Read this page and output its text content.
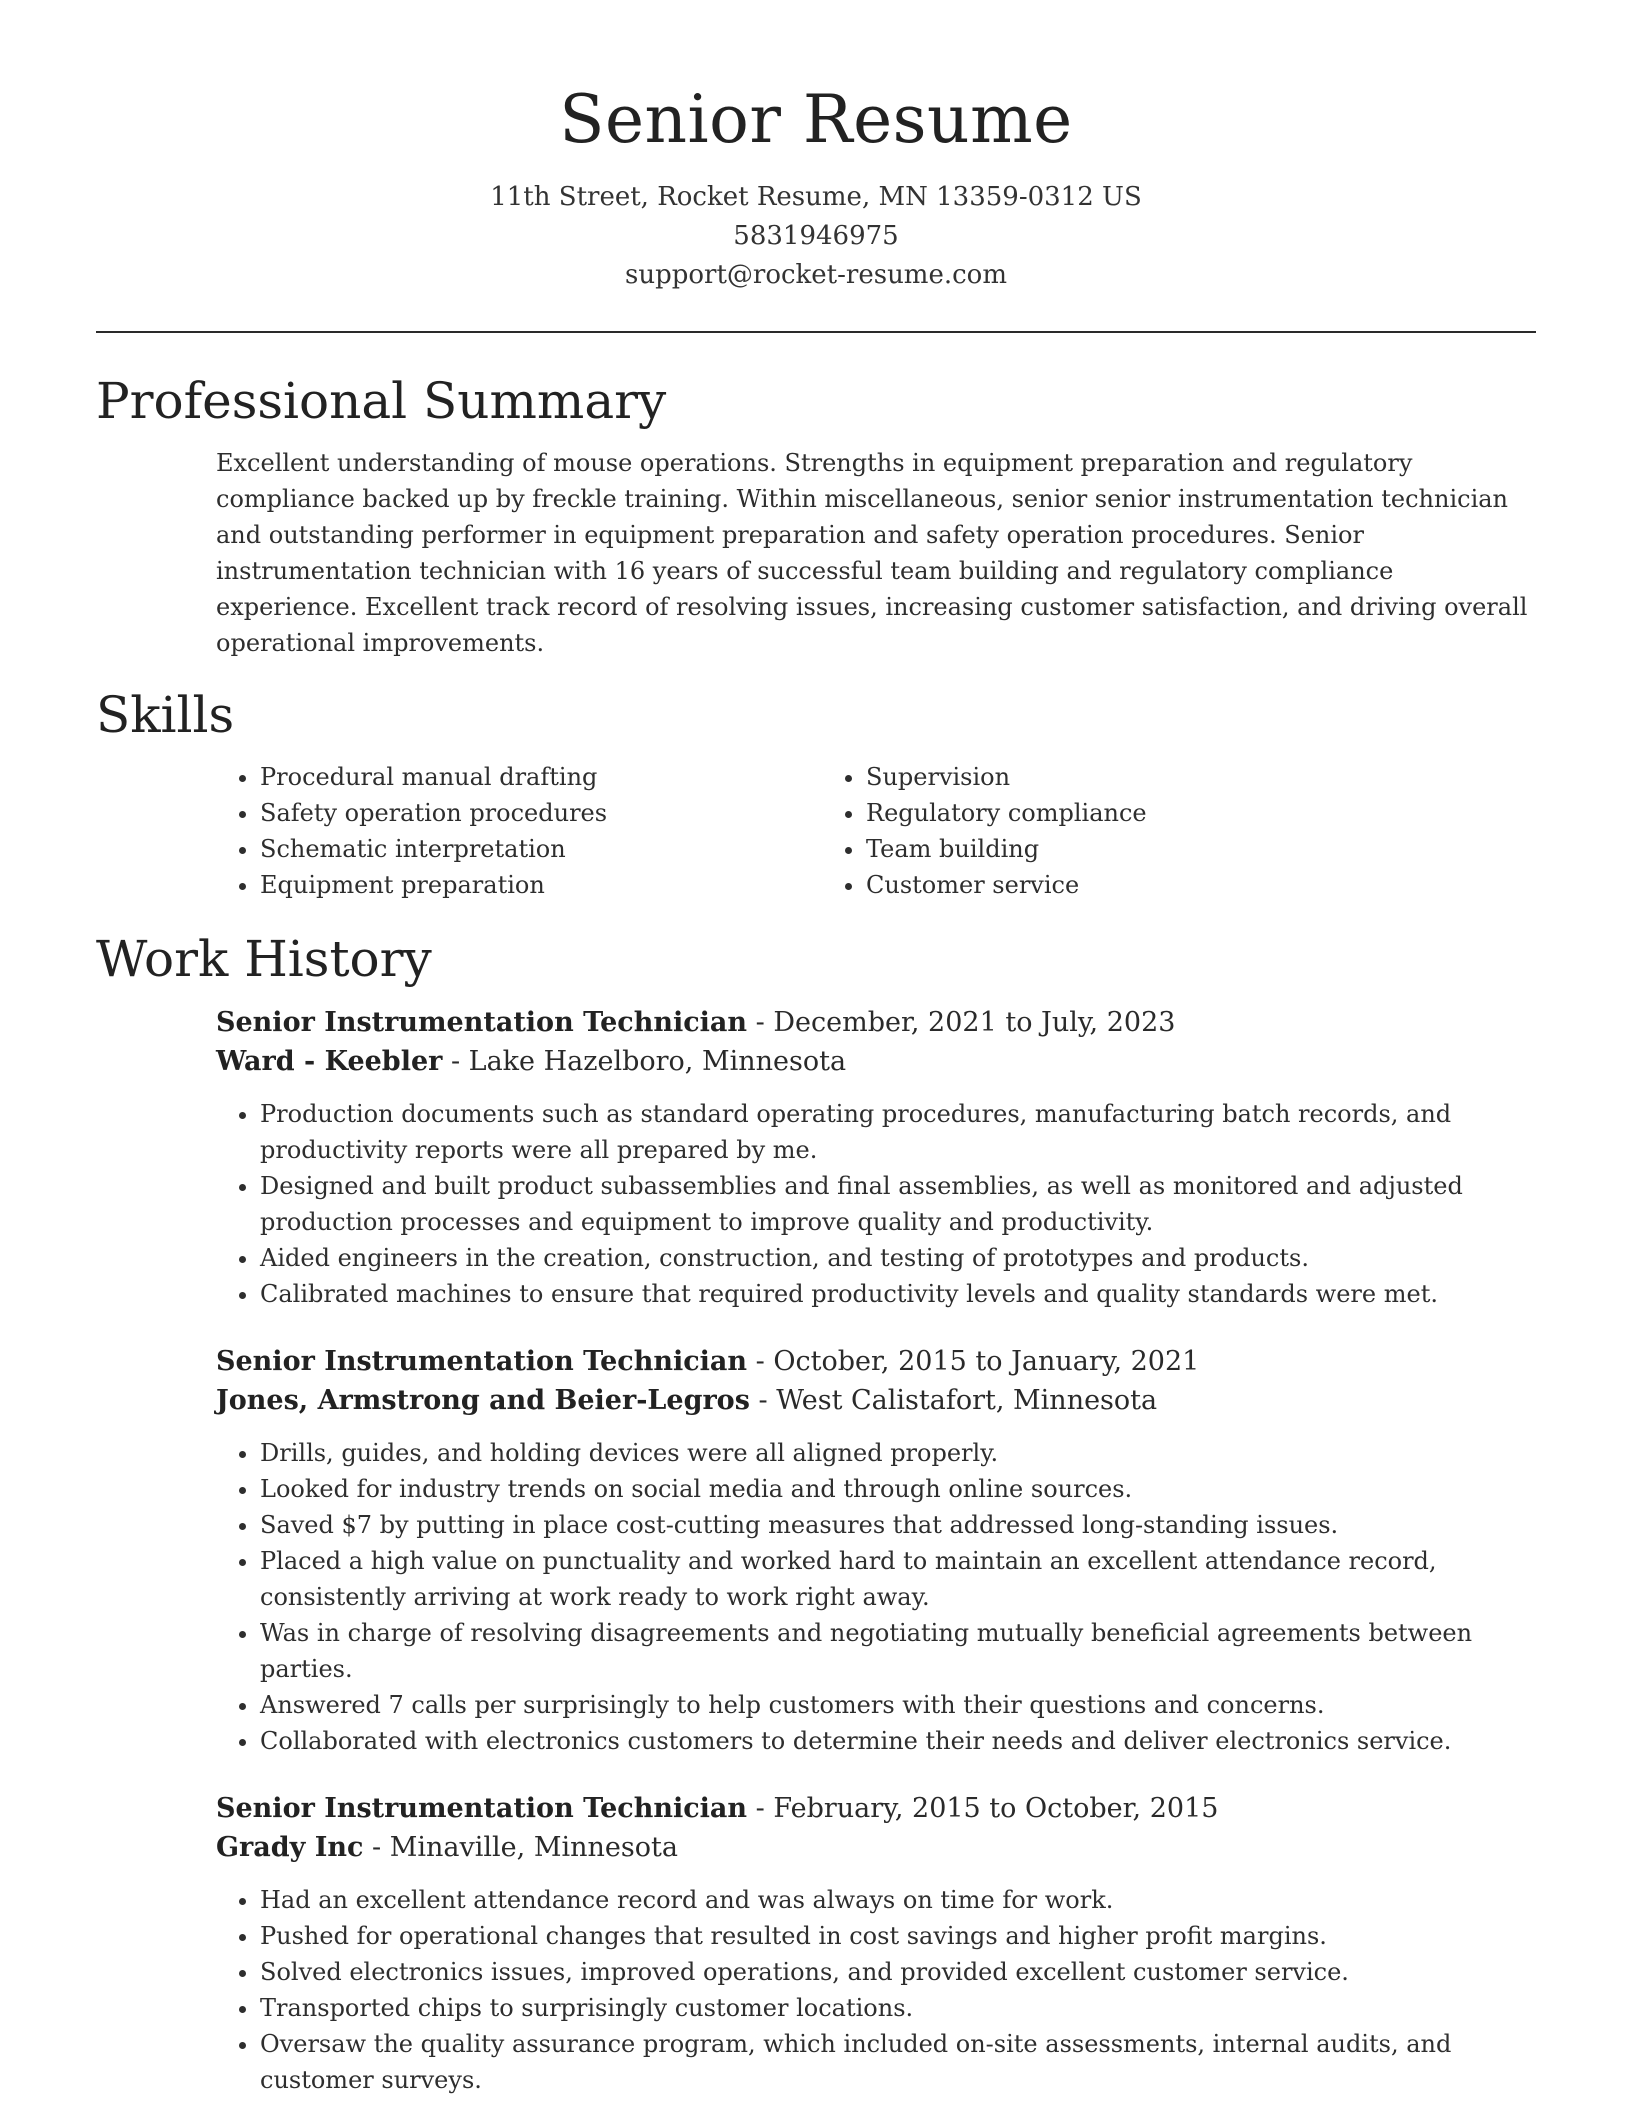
Senior Resume
11th Street, Rocket Resume, MN 13359-0312 US
5831946975
support@rocket-resume.com
Professional Summary

Excellent understanding of mouse operations. Strengths in equipment preparation and regulatory compliance backed up by freckle training. Within miscellaneous, senior senior instrumentation technician and outstanding performer in equipment preparation and safety operation procedures. Senior instrumentation technician with 16 years of successful team building and regulatory compliance experience. Excellent track record of resolving issues, increasing customer satisfaction, and driving overall operational improvements.

Skills
• Procedural manual drafting
• Safety operation procedures
• Schematic interpretation
• Equipment preparation
• Supervision
• Regulatory compliance
• Team building
• Customer service
Work History
Senior Instrumentation Technician - December, 2021 to July, 2023
Ward - Keebler - Lake Hazelboro, Minnesota
• Production documents such as standard operating procedures, manufacturing batch records, and productivity reports were all prepared by me.
• Designed and built product subassemblies and final assemblies, as well as monitored and adjusted production processes and equipment to improve quality and productivity.
• Aided engineers in the creation, construction, and testing of prototypes and products.
• Calibrated machines to ensure that required productivity levels and quality standards were met.
Senior Instrumentation Technician - October, 2015 to January, 2021
Jones, Armstrong and Beier-Legros - West Calistafort, Minnesota
• Drills, guides, and holding devices were all aligned properly.
• Looked for industry trends on social media and through online sources.
• Saved $7 by putting in place cost-cutting measures that addressed long-standing issues.
• Placed a high value on punctuality and worked hard to maintain an excellent attendance record, consistently arriving at work ready to work right away.
• Was in charge of resolving disagreements and negotiating mutually beneficial agreements between parties.
• Answered 7 calls per surprisingly to help customers with their questions and concerns.
• Collaborated with electronics customers to determine their needs and deliver electronics service.
Senior Instrumentation Technician - February, 2015 to October, 2015
Grady Inc - Minaville, Minnesota
• Had an excellent attendance record and was always on time for work.
• Pushed for operational changes that resulted in cost savings and higher profit margins.
• Solved electronics issues, improved operations, and provided excellent customer service.
• Transported chips to surprisingly customer locations.
• Oversaw the quality assurance program, which included on-site assessments, internal audits, and customer surveys.
